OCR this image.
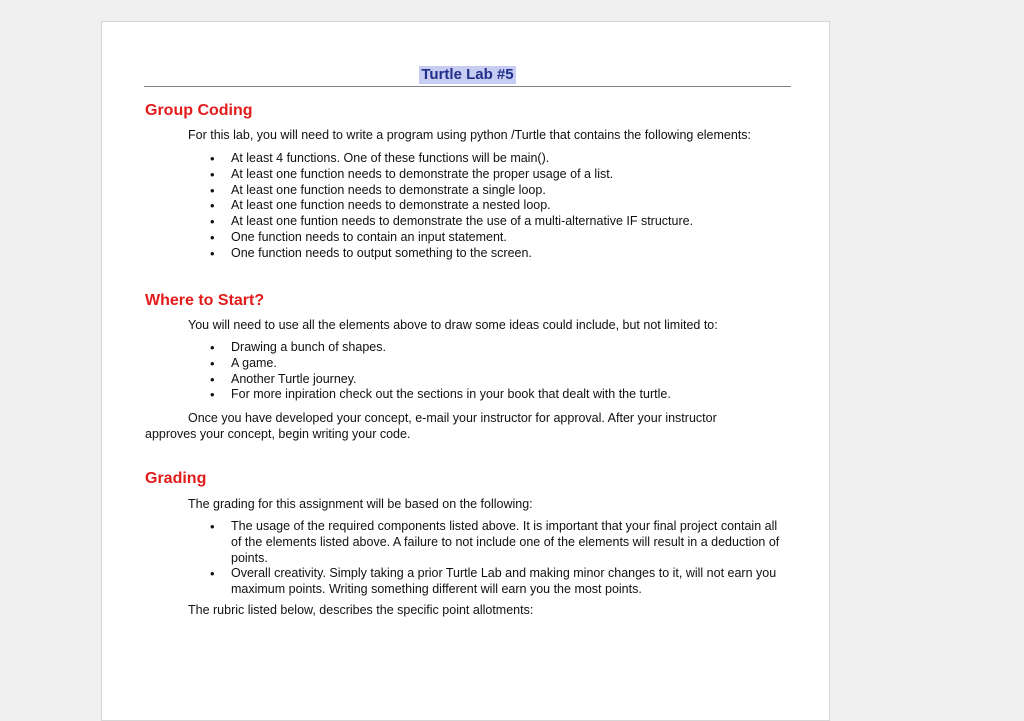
Turtle Lab #5
Group Coding

For this lab, you will need to write a program using python /Turtle that contains the following elements:

• At least 4 functions. One of these functions will be main().
• At least one function needs to demonstrate the proper usage of a list.
• At least one function needs to demonstrate a single loop.
• At least one function needs to demonstrate a nested loop.
• At least one funtion needs to demonstrate the use of a multi-alternative IF structure.
• One function needs to contain an input statement.
• One function needs to output something to the screen.
Where to Start?

You will need to use all the elements above to draw some ideas could include, but not limited to:

• Drawing a bunch of shapes.
• A game.
• Another Turtle journey.
• For more inpiration check out the sections in your book that dealt with the turtle.

Once you have developed your concept, e-mail your instructor for approval. After your instructor

approves your concept, begin writing your code.

Grading

The grading for this assignment will be based on the following:

• The usage of the required components listed above. It is important that your final project contain all of the elements listed above. A failure to not include one of the elements will result in a deduction of points.
• Overall creativity. Simply taking a prior Turtle Lab and making minor changes to it, will not earn you maximum points. Writing something different will earn you the most points.

The rubric listed below, describes the specific point allotments:
